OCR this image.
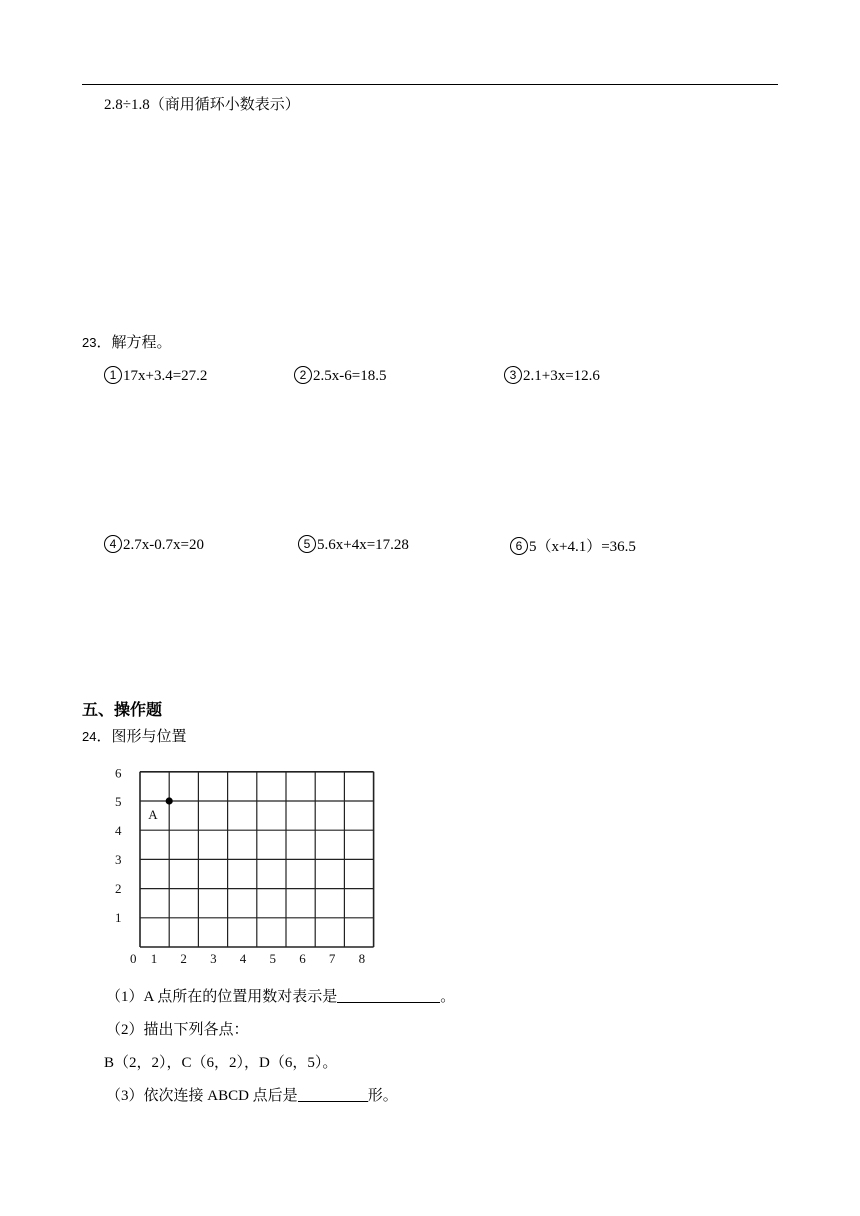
2.8÷1.8（商用循环小数表示）
23．解方程。
1 17x+3.4=27.2	2 2.5x-6=18.5	3 2.1+3x=12.6
4 2.7x-0.7x=20	5 5.6x+4x=17.28	6 5（x+4.1）=36.5
五、操作题
24．图形与位置
0 1 2 3 4 5 6 7 8
1
2
3
4
5
6
A
（1）A 点所在的位置用数对表示是	。
（2）描出下列各点：
B（2，2），C（6，2），D（6，5）。
（3）依次连接 ABCD 点后是	形。
